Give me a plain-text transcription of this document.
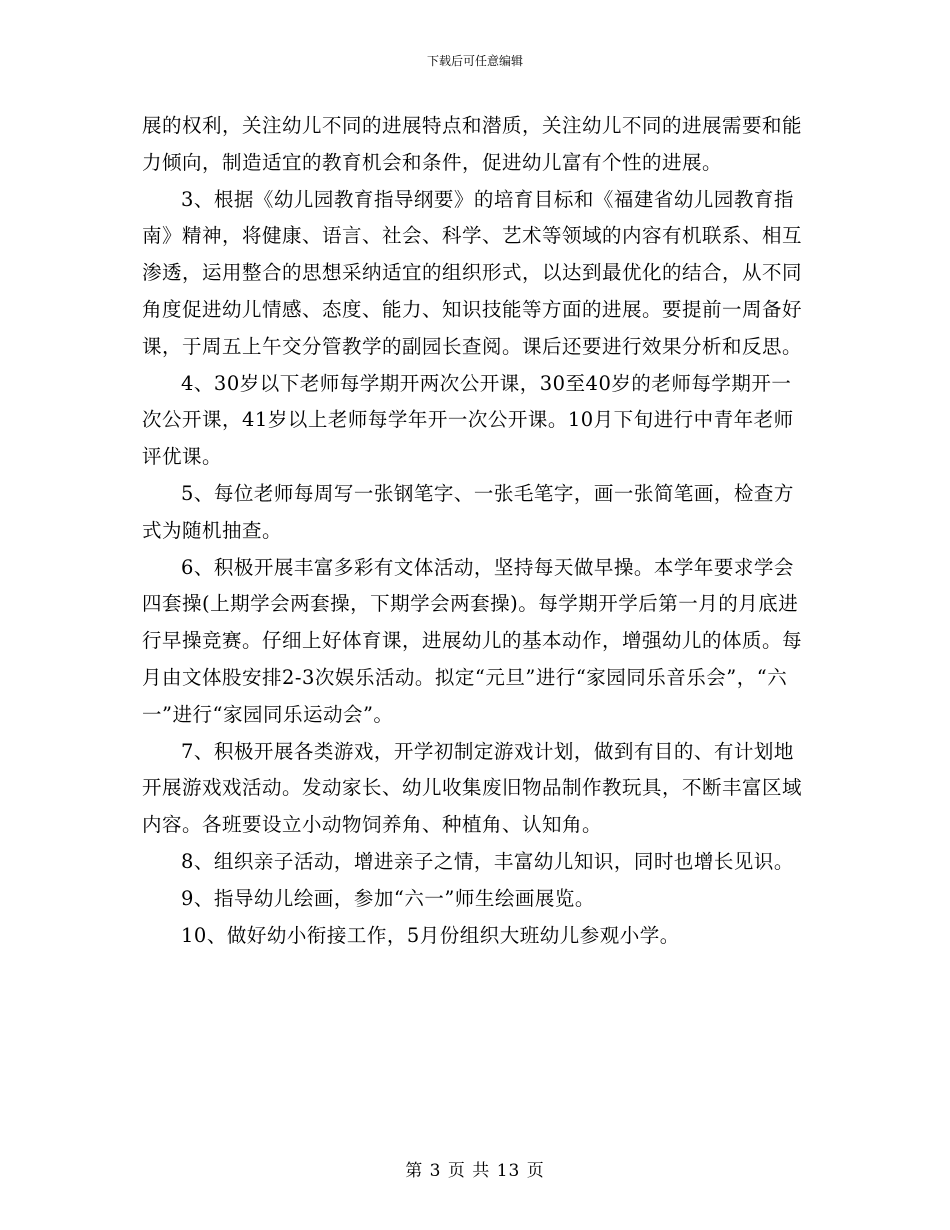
下载后可任意编辑

展的权利，关注幼儿不同的进展特点和潜质，关注幼儿不同的进展需要和能力倾向，制造适宜的教育机会和条件，促进幼儿富有个性的进展。

3、根据《幼儿园教育指导纲要》的培育目标和《福建省幼儿园教育指南》精神，将健康、语言、社会、科学、艺术等领域的内容有机联系、相互渗透，运用整合的思想采纳适宜的组织形式，以达到最优化的结合，从不同角度促进幼儿情感、态度、能力、知识技能等方面的进展。要提前一周备好课，于周五上午交分管教学的副园长查阅。课后还要进行效果分析和反思。

4、30岁以下老师每学期开两次公开课，30至40岁的老师每学期开一次公开课，41岁以上老师每学年开一次公开课。10月下旬进行中青年老师评优课。

5、每位老师每周写一张钢笔字、一张毛笔字，画一张简笔画，检查方式为随机抽查。

6、积极开展丰富多彩有文体活动，坚持每天做早操。本学年要求学会四套操(上期学会两套操，下期学会两套操)。每学期开学后第一月的月底进行早操竞赛。仔细上好体育课，进展幼儿的基本动作，增强幼儿的体质。每月由文体股安排2-3次娱乐活动。拟定“元旦”进行“家园同乐音乐会”，“六一”进行“家园同乐运动会”。

7、积极开展各类游戏，开学初制定游戏计划，做到有目的、有计划地开展游戏戏活动。发动家长、幼儿收集废旧物品制作教玩具，不断丰富区域内容。各班要设立小动物饲养角、种植角、认知角。

8、组织亲子活动，增进亲子之情，丰富幼儿知识，同时也增长见识。

9、指导幼儿绘画，参加“六一”师生绘画展览。

10、做好幼小衔接工作，5月份组织大班幼儿参观小学。

第 3 页 共 13 页
